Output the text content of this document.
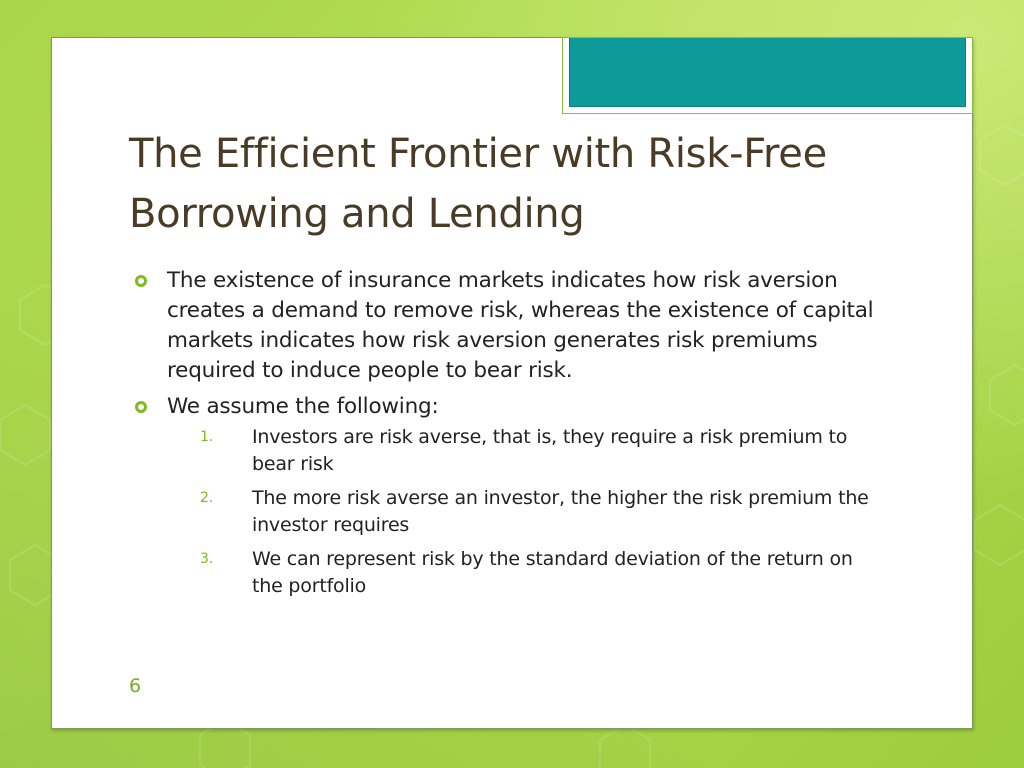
The Efficient Frontier with Risk-Free Borrowing and Lending
The existence of insurance markets indicates how risk aversion creates a demand to remove risk, whereas the existence of capital markets indicates how risk aversion generates risk premiums required to induce people to bear risk.
We assume the following:
1. Investors are risk averse, that is, they require a risk premium to bear risk
2. The more risk averse an investor, the higher the risk premium the investor requires
3. We can represent risk by the standard deviation of the return on the portfolio
6
